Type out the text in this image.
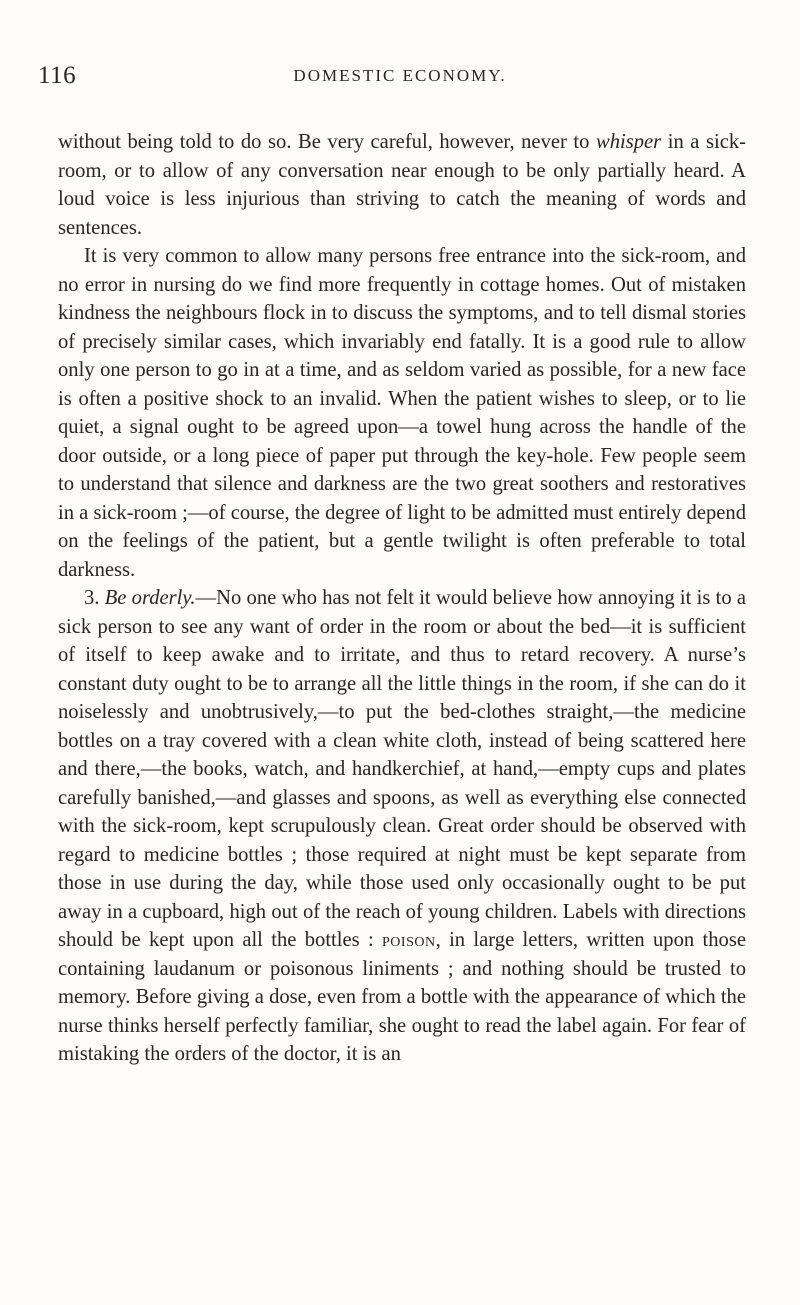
116	DOMESTIC ECONOMY.

without being told to do so. Be very careful, however, never to whisper in a sick-room, or to allow of any conversation near enough to be only partially heard. A loud voice is less injurious than striving to catch the meaning of words and sentences.

It is very common to allow many persons free entrance into the sick-room, and no error in nursing do we find more frequently in cottage homes. Out of mistaken kindness the neighbours flock in to discuss the symptoms, and to tell dismal stories of precisely similar cases, which invariably end fatally. It is a good rule to allow only one person to go in at a time, and as seldom varied as possible, for a new face is often a positive shock to an invalid. When the patient wishes to sleep, or to lie quiet, a signal ought to be agreed upon—a towel hung across the handle of the door outside, or a long piece of paper put through the key-hole. Few people seem to understand that silence and darkness are the two great soothers and restoratives in a sick-room ;—of course, the degree of light to be admitted must entirely depend on the feelings of the patient, but a gentle twilight is often preferable to total darkness.

3. Be orderly.—No one who has not felt it would believe how annoying it is to a sick person to see any want of order in the room or about the bed—it is sufficient of itself to keep awake and to irritate, and thus to retard recovery. A nurse’s constant duty ought to be to arrange all the little things in the room, if she can do it noiselessly and unobtrusively,—to put the bed-clothes straight,—the medicine bottles on a tray covered with a clean white cloth, instead of being scattered here and there,—the books, watch, and handkerchief, at hand,—empty cups and plates carefully banished,—and glasses and spoons, as well as everything else connected with the sick-room, kept scrupulously clean. Great order should be observed with regard to medicine bottles ; those required at night must be kept separate from those in use during the day, while those used only occasionally ought to be put away in a cupboard, high out of the reach of young children. Labels with directions should be kept upon all the bottles : poison, in large letters, written upon those containing laudanum or poisonous liniments ; and nothing should be trusted to memory. Before giving a dose, even from a bottle with the appearance of which the nurse thinks herself perfectly familiar, she ought to read the label again. For fear of mistaking the orders of the doctor, it is an
